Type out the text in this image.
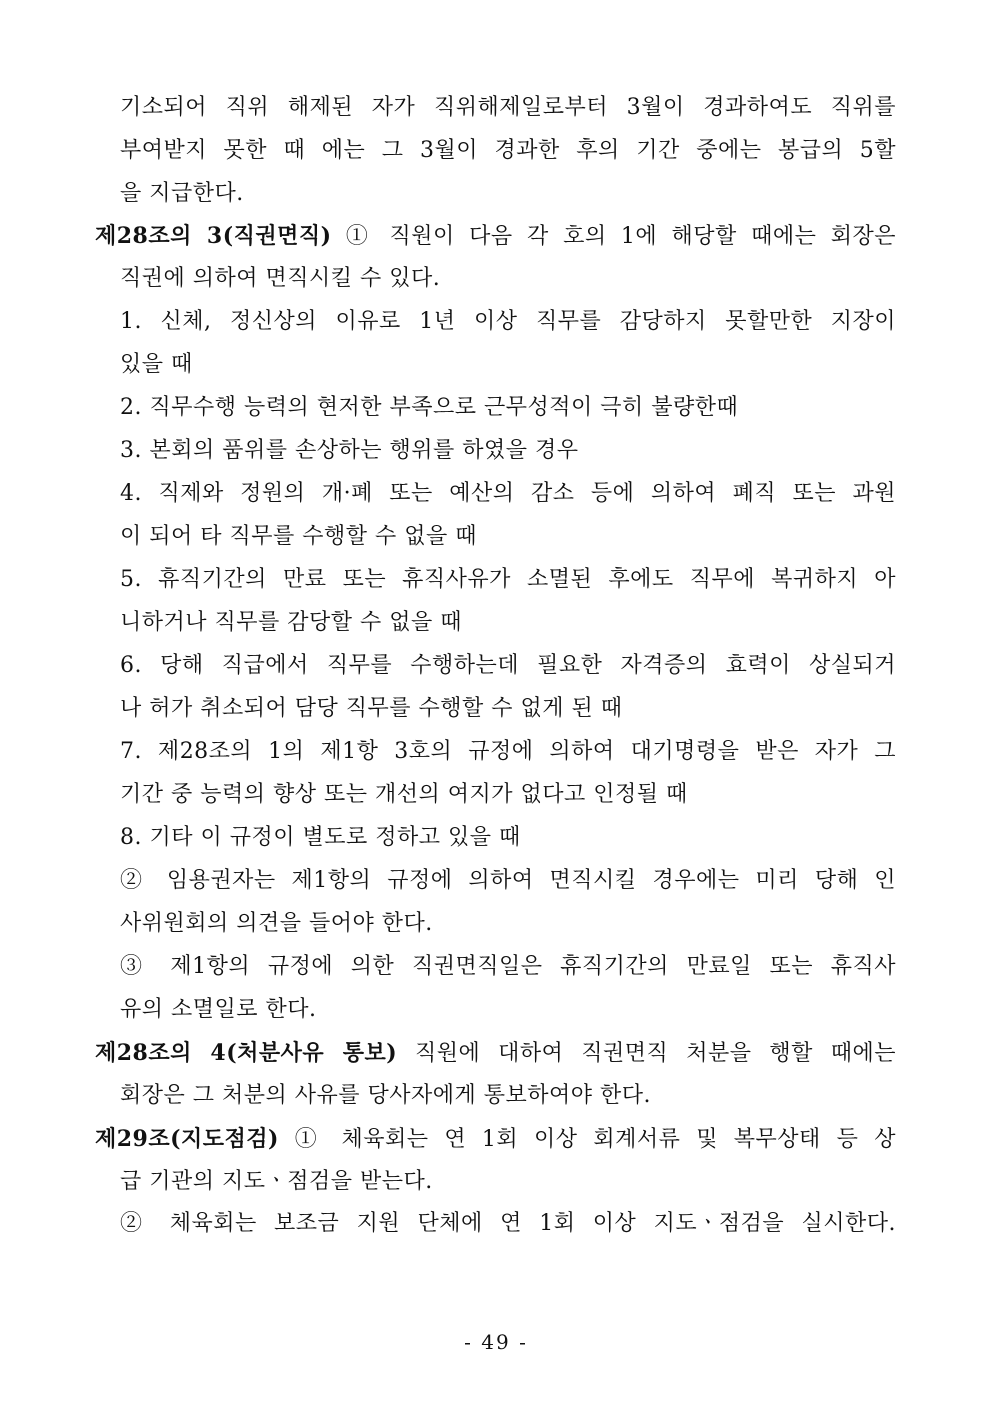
기소되어 직위 해제된 자가 직위해제일로부터 3월이 경과하여도 직위를
부여받지 못한 때 에는 그 3월이 경과한 후의 기간 중에는 봉급의 5할
을 지급한다.
제28조의 3(직권면직) ① 직원이 다음 각 호의 1에 해당할 때에는 회장은
직권에 의하여 면직시킬 수 있다.
1. 신체, 정신상의 이유로 1년 이상 직무를 감당하지 못할만한 지장이
있을 때
2. 직무수행 능력의 현저한 부족으로 근무성적이 극히 불량한때
3. 본회의 품위를 손상하는 행위를 하였을 경우
4. 직제와 정원의 개·폐 또는 예산의 감소 등에 의하여 폐직 또는 과원
이 되어 타 직무를 수행할 수 없을 때
5. 휴직기간의 만료 또는 휴직사유가 소멸된 후에도 직무에 복귀하지 아
니하거나 직무를 감당할 수 없을 때
6. 당해 직급에서 직무를 수행하는데 필요한 자격증의 효력이 상실되거
나 허가 취소되어 담당 직무를 수행할 수 없게 된 때
7. 제28조의 1의 제1항 3호의 규정에 의하여 대기명령을 받은 자가 그
기간 중 능력의 향상 또는 개선의 여지가 없다고 인정될 때
8. 기타 이 규정이 별도로 정하고 있을 때
② 임용권자는 제1항의 규정에 의하여 면직시킬 경우에는 미리 당해 인
사위원회의 의견을 들어야 한다.
③ 제1항의 규정에 의한 직권면직일은 휴직기간의 만료일 또는 휴직사
유의 소멸일로 한다.
제28조의 4(처분사유 통보) 직원에 대하여 직권면직 처분을 행할 때에는
회장은 그 처분의 사유를 당사자에게 통보하여야 한다.
제29조(지도점검) ① 체육회는 연 1회 이상 회계서류 및 복무상태 등 상
급 기관의 지도ㆍ점검을 받는다.
② 체육회는 보조금 지원 단체에 연 1회 이상 지도ㆍ점검을 실시한다.
- 49 -
